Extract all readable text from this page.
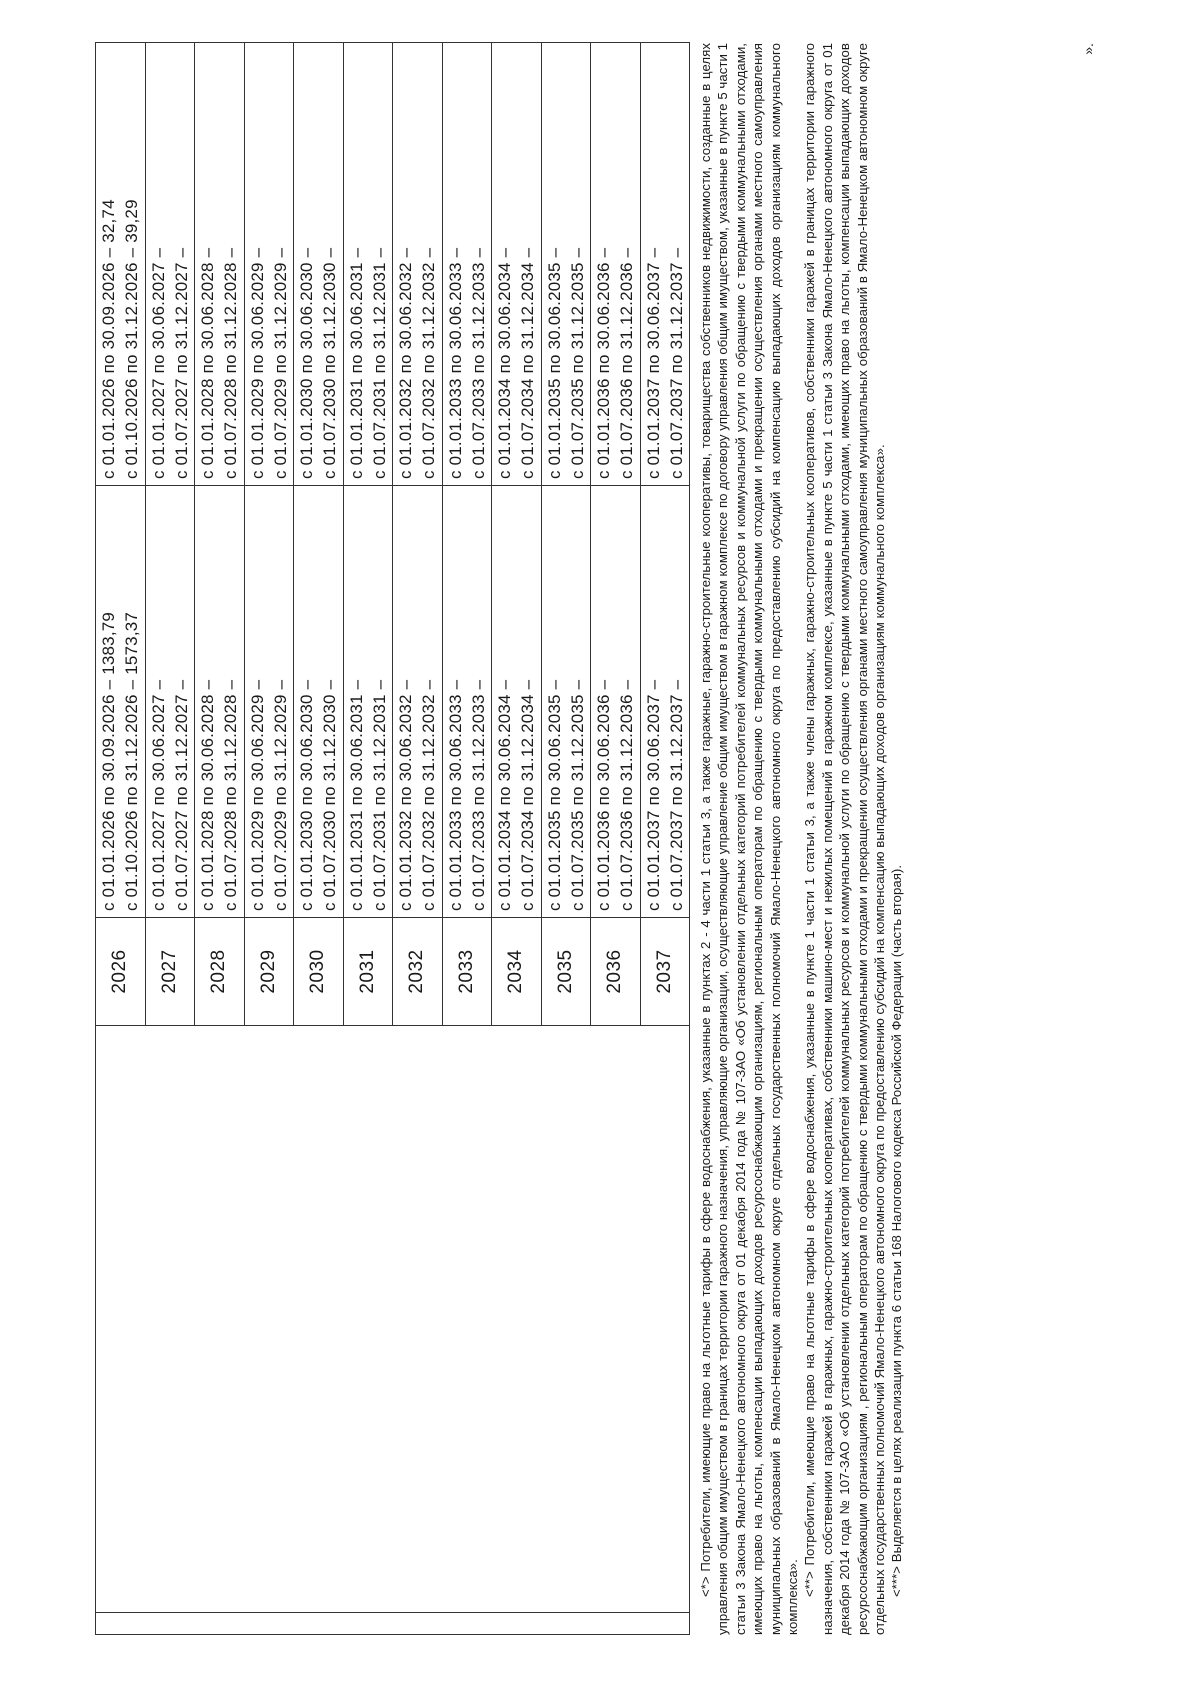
		2026	с 01.01.2026 по 30.09.2026 – 1383,79 с 01.10.2026 по 31.12.2026 – 1573,37	с 01.01.2026 по 30.09.2026 – 32,74 с 01.10.2026 по 31.12.2026 – 39,29

		2027	с 01.01.2027 по 30.06.2027 – с 01.07.2027 по 31.12.2027 –	с 01.01.2027 по 30.06.2027 – с 01.07.2027 по 31.12.2027 –

		2028	с 01.01.2028 по 30.06.2028 – с 01.07.2028 по 31.12.2028 –	с 01.01.2028 по 30.06.2028 – с 01.07.2028 по 31.12.2028 –

		2029	с 01.01.2029 по 30.06.2029 – с 01.07.2029 по 31.12.2029 –	с 01.01.2029 по 30.06.2029 – с 01.07.2029 по 31.12.2029 –

		2030	с 01.01.2030 по 30.06.2030 – с 01.07.2030 по 31.12.2030 –	с 01.01.2030 по 30.06.2030 – с 01.07.2030 по 31.12.2030 –

		2031	с 01.01.2031 по 30.06.2031 – с 01.07.2031 по 31.12.2031 –	с 01.01.2031 по 30.06.2031 – с 01.07.2031 по 31.12.2031 –

		2032	с 01.01.2032 по 30.06.2032 – с 01.07.2032 по 31.12.2032 –	с 01.01.2032 по 30.06.2032 – с 01.07.2032 по 31.12.2032 –

		2033	с 01.01.2033 по 30.06.2033 – с 01.07.2033 по 31.12.2033 –	с 01.01.2033 по 30.06.2033 – с 01.07.2033 по 31.12.2033 –

		2034	с 01.01.2034 по 30.06.2034 – с 01.07.2034 по 31.12.2034 –	с 01.01.2034 по 30.06.2034 – с 01.07.2034 по 31.12.2034 –

		2035	с 01.01.2035 по 30.06.2035 – с 01.07.2035 по 31.12.2035 –	с 01.01.2035 по 30.06.2035 – с 01.07.2035 по 31.12.2035 –

		2036	с 01.01.2036 по 30.06.2036 – с 01.07.2036 по 31.12.2036 –	с 01.01.2036 по 30.06.2036 – с 01.07.2036 по 31.12.2036 –

		2037	с 01.01.2037 по 30.06.2037 – с 01.07.2037 по 31.12.2037 –	с 01.01.2037 по 30.06.2037 – с 01.07.2037 по 31.12.2037 – <*> Потребители, имеющие право на льготные тарифы в сфере водоснабжения, указанные в пунктах 2 - 4 части 1 статьи 3, а также гаражные, гаражно-строительные кооперативы, товарищества собственников недвижимости, созданные в целях управления общим имуществом в границах территории гаражного назначения, управляющие организации, осуществляющие управление общим имуществом в гаражном комплексе по договору управления общим имуществом, указанные в пункте 5 части 1 статьи 3 Закона Ямало-Ненецкого автономного округа от 01 декабря 2014 года № 107-ЗАО «Об установлении отдельных категорий потребителей коммунальных ресурсов и коммунальной услуги по обращению с твердыми коммунальными отходами, имеющих право на льготы, компенсации выпадающих доходов ресурсоснабжающим организациям, региональным операторам по обращению с твердыми коммунальными отходами и прекращении осуществления органами местного самоуправления муниципальных образований в Ямало-Ненецком автономном округе отдельных государственных полномочий Ямало-Ненецкого автономного округа по предоставлению субсидий на компенсацию выпадающих доходов организациям коммунального комплекса».

<**> Потребители, имеющие право на льготные тарифы в сфере водоснабжения, указанные в пункте 1 части 1 статьи 3, а также члены гаражных, гаражно-строительных кооперативов, собственники гаражей в границах территории гаражного назначения, собственники гаражей в гаражных, гаражно-строительных кооперативах, собственники машино-мест и нежилых помещений в гаражном комплексе, указанные в пункте 5 части 1 статьи 3 Закона Ямало-Ненецкого автономного округа от 01 декабря 2014 года № 107-ЗАО «Об установлении отдельных категорий потребителей коммунальных ресурсов и коммунальной услуги по обращению с твердыми коммунальными отходами, имеющих право на льготы, компенсации выпадающих доходов ресурсоснабжающим организациям , региональным операторам по обращению с твердыми коммунальными отходами и прекращении осуществления органами местного самоуправления муниципальных образований в Ямало-Ненецком автономном округе отдельных государственных полномочий Ямало-Ненецкого автономного округа по предоставлению субсидий на компенсацию выпадающих доходов организациям коммунального комплекса». <***> Выделяется в целях реализации пункта 6 статьи 168 Налогового кодекса Российской Федерации (часть вторая).

».
